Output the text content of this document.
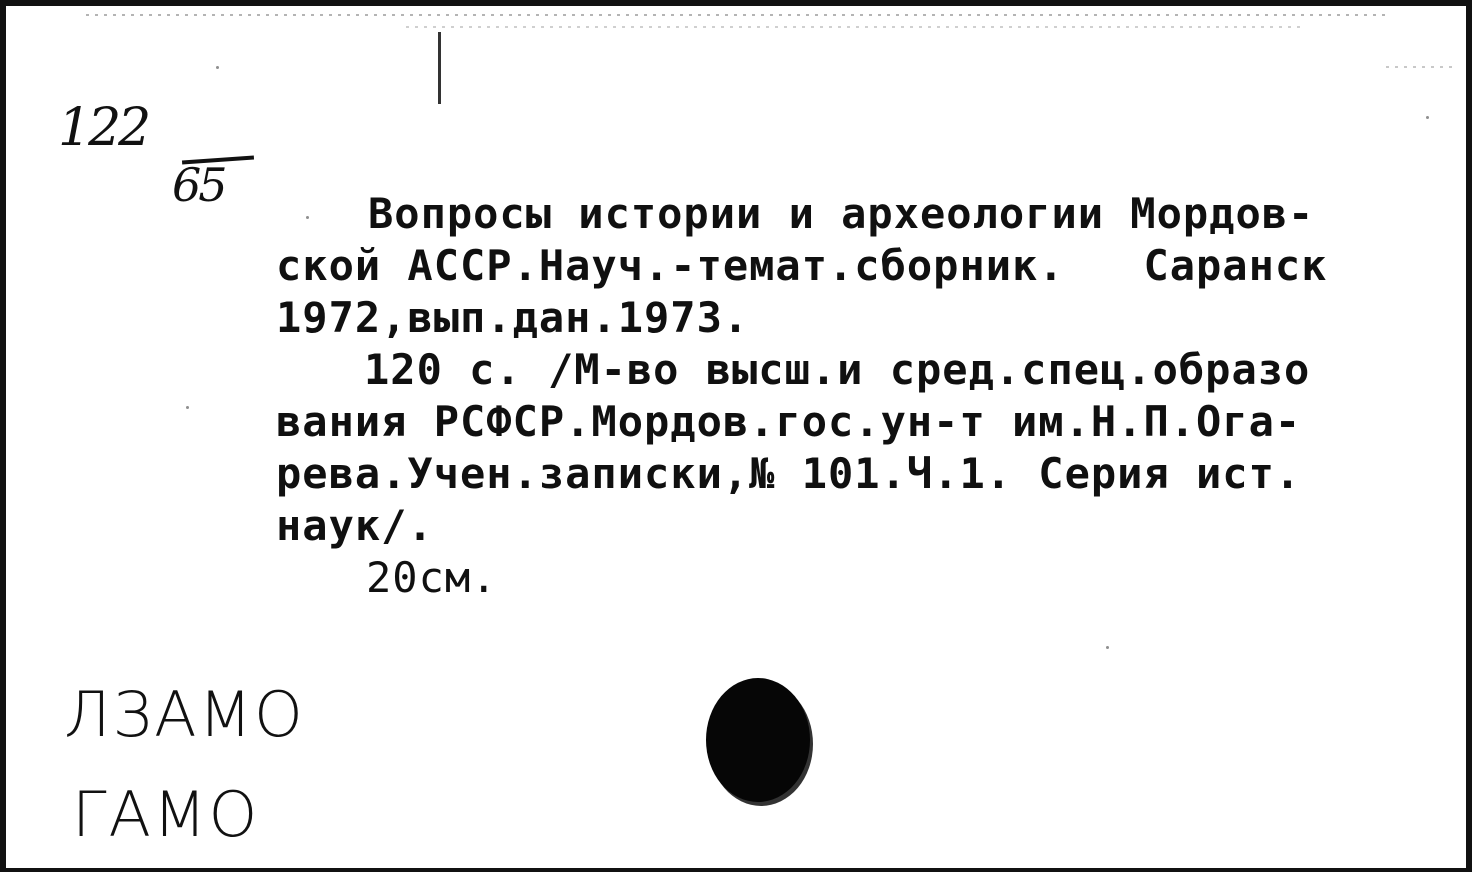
122
65
Вопросы истории и археологии Мордов-
ской АССР.Науч.-темат.сборник.   Саранск
1972,вып.дан.1973.
120 с. /М-во высш.и сред.спец.образо
вания РСФСР.Мордов.гос.ун-т им.Н.П.Ога-
рева.Учен.записки,№ 101.Ч.1. Серия ист.
наук/.
20см.
ЛЗАМО
ГАМО
